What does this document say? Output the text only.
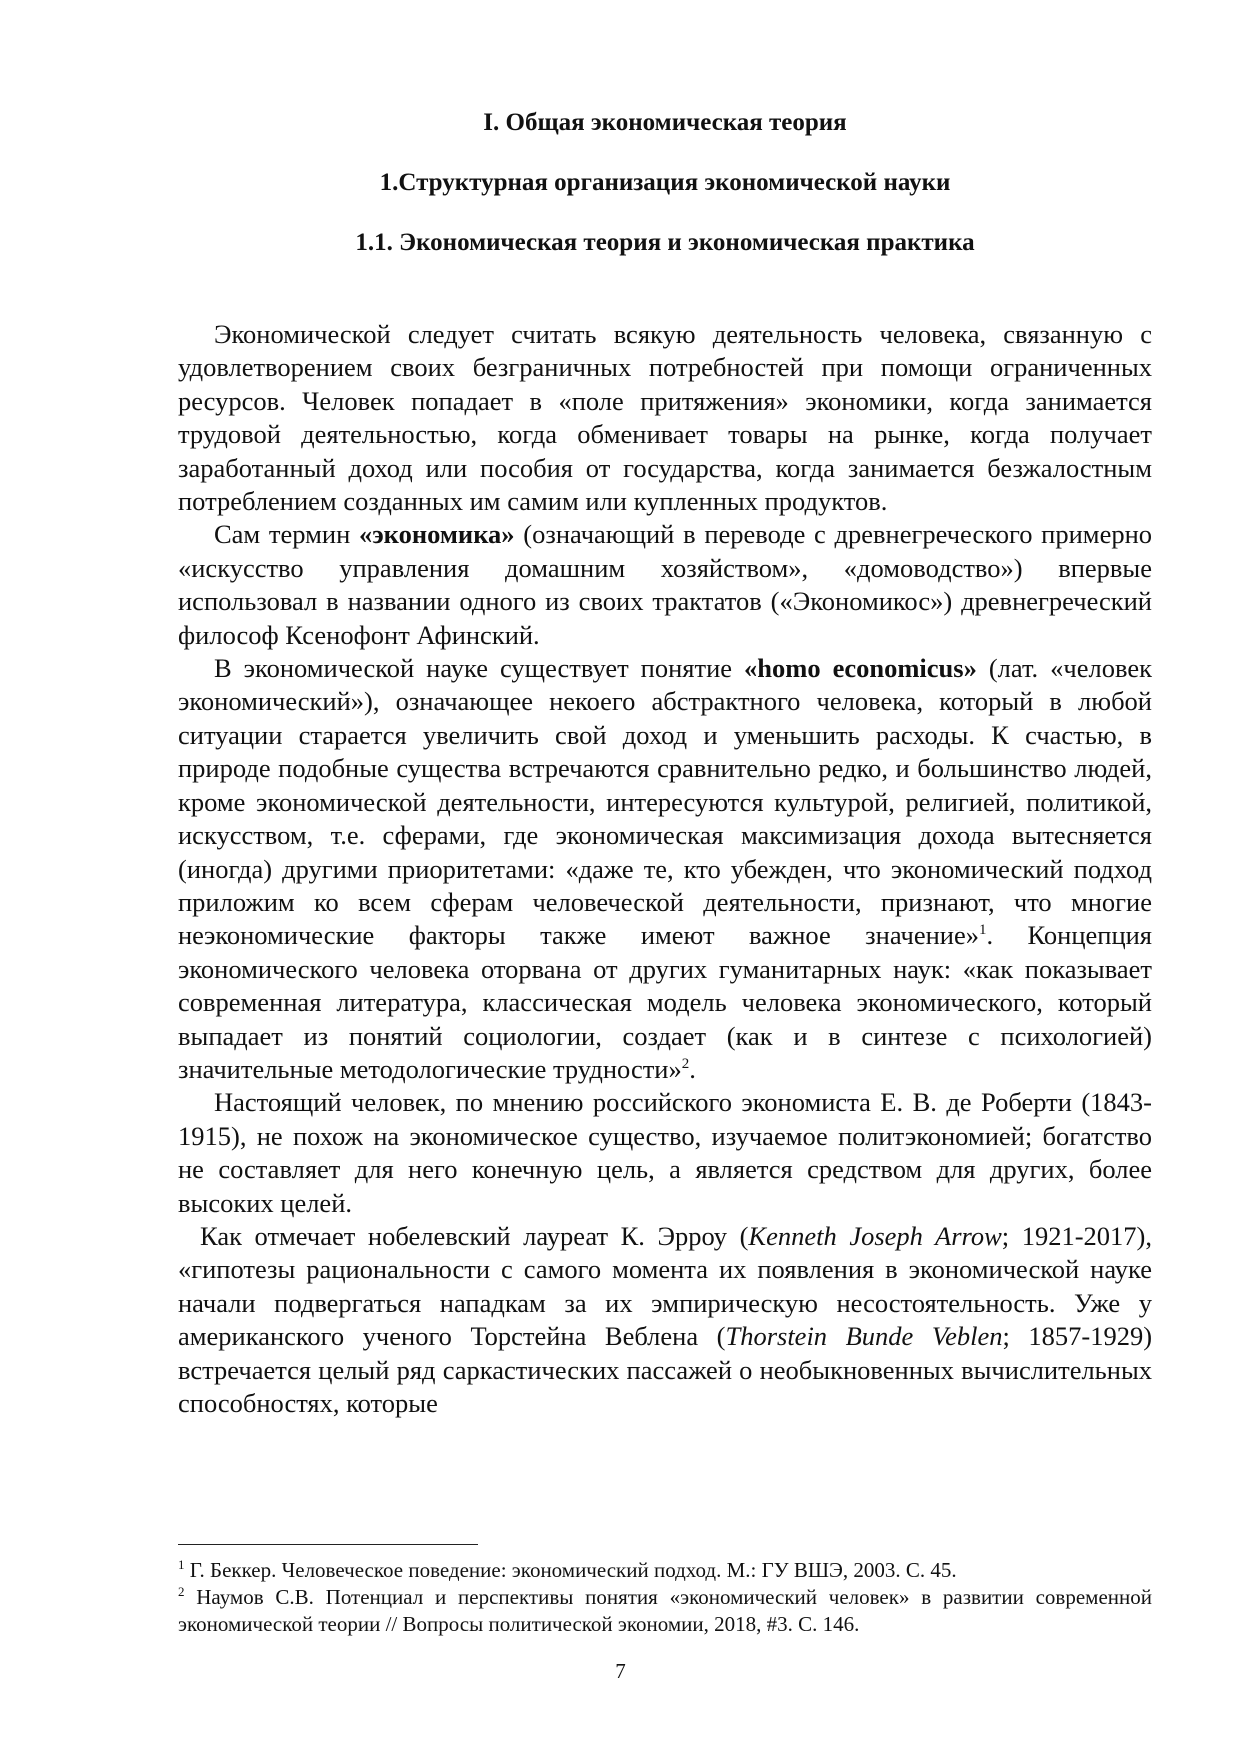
I. Общая экономическая теория
1.Структурная организация экономической науки
1.1. Экономическая теория и экономическая практика

Экономической следует считать всякую деятельность человека, связанную с удовлетворением своих безграничных потребностей при помощи ограниченных ресурсов. Человек попадает в «поле притяжения» экономики, когда занимается трудовой деятельностью, когда обменивает товары на рынке, когда получает заработанный доход или пособия от государства, когда занимается безжалостным потреблением созданных им самим или купленных продуктов.

Сам термин «экономика» (означающий в переводе с древнегреческого примерно «искусство управления домашним хозяйством», «домоводство») впервые использовал в названии одного из своих трактатов («Экономикос») древнегреческий философ Ксенофонт Афинский.

В экономической науке существует понятие «homo economicus» (лат. «человек экономический»), означающее некоего абстрактного человека, который в любой ситуации старается увеличить свой доход и уменьшить расходы. К счастью, в природе подобные существа встречаются сравнительно редко, и большинство людей, кроме экономической деятельности, интересуются культурой, религией, политикой, искусством, т.е. сферами, где экономическая максимизация дохода вытесняется (иногда) другими приоритетами: «даже те, кто убежден, что экономический подход приложим ко всем сферам человеческой деятельности, признают, что многие неэкономические факторы также имеют важное значение»$^1$. Концепция экономического человека оторвана от других гуманитарных наук: «как показывает современная литература, классическая модель человека экономического, который выпадает из понятий социологии, создает (как и в синтезе с психологией) значительные методологические трудности»$^2$.

Настоящий человек, по мнению российского экономиста Е. В. де Роберти (1843-1915), не похож на экономическое существо, изучаемое политэкономией; богатство не составляет для него конечную цель, а является средством для других, более высоких целей.

Как отмечает нобелевский лауреат К. Эрроу (Kenneth Joseph Arrow; 1921-2017), «гипотезы рациональности с самого момента их появления в экономической науке начали подвергаться нападкам за их эмпирическую несостоятельность. Уже у американского ученого Торстейна Веблена (Thorstein Bunde Veblen; 1857-1929) встречается целый ряд саркастических пассажей о необыкновенных вычислительных способностях, которые

$^1$ Г. Беккер. Человеческое поведение: экономический подход. М.: ГУ ВШЭ, 2003. С. 45.

$^2$ Наумов С.В. Потенциал и перспективы понятия «экономический человек» в развитии современной экономической теории // Вопросы политической экономии, 2018, #3. С. 146.

7
